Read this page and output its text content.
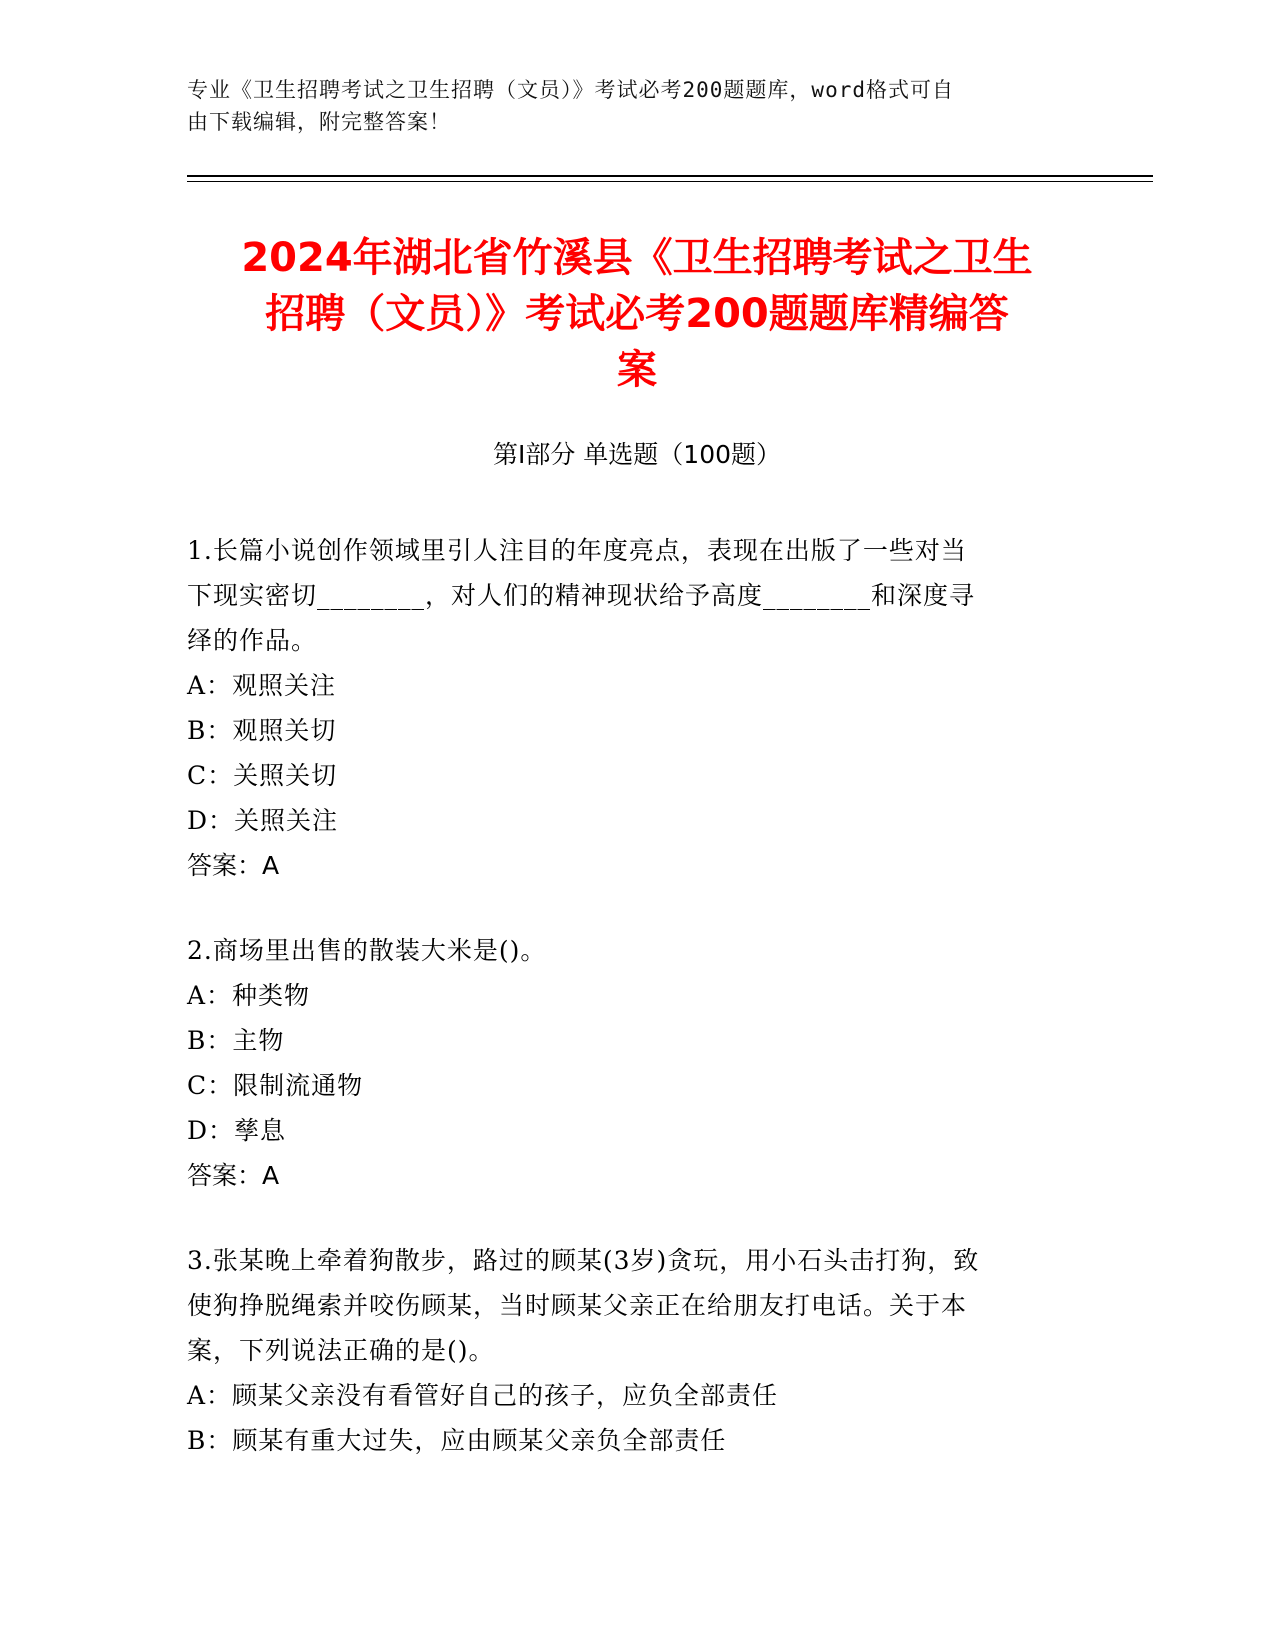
专业《卫生招聘考试之卫生招聘（文员）》考试必考200题题库，word格式可自
由下载编辑，附完整答案！
2024年湖北省竹溪县《卫生招聘考试之卫生
招聘（文员）》考试必考200题题库精编答
案
第Ⅰ部分 单选题（100题）

1.长篇小说创作领域里引人注目的年度亮点，表现在出版了一些对当

下现实密切________，对人们的精神现状给予高度________和深度寻

绎的作品。

A：观照关注

B：观照关切

C：关照关切

D：关照关注

答案：A

2.商场里出售的散装大米是()。

A：种类物

B：主物

C：限制流通物

D：孳息

答案：A

3.张某晚上牵着狗散步，路过的顾某(3岁)贪玩，用小石头击打狗，致

使狗挣脱绳索并咬伤顾某，当时顾某父亲正在给朋友打电话。关于本

案，下列说法正确的是()。

A：顾某父亲没有看管好自己的孩子，应负全部责任

B：顾某有重大过失，应由顾某父亲负全部责任
